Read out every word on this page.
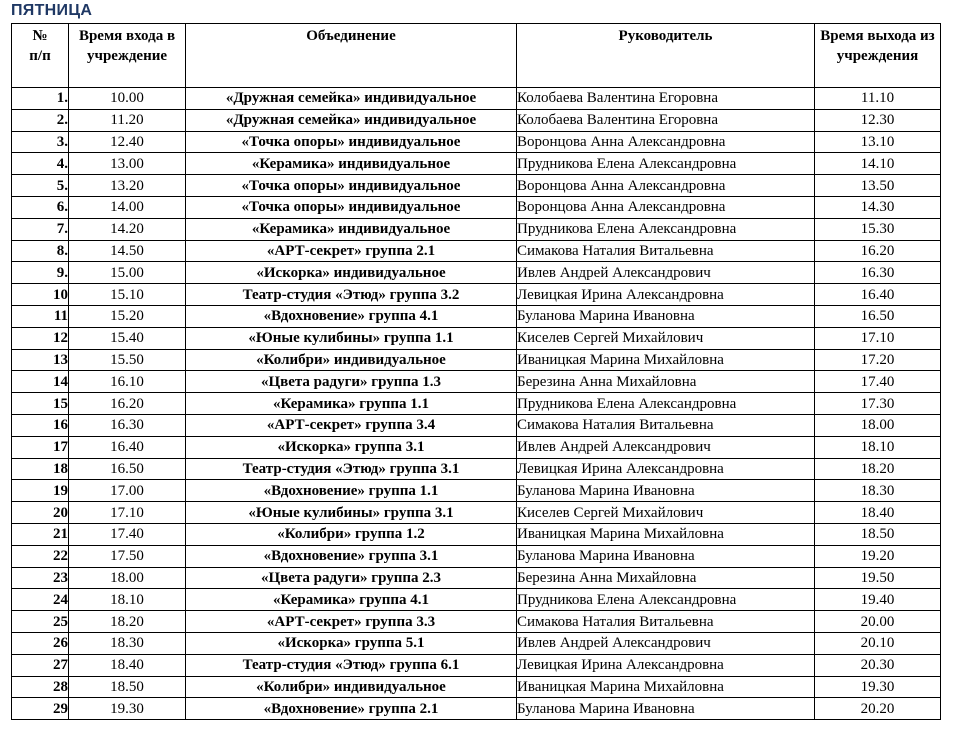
ПЯТНИЦА
№ п/п	Время входа в учреждение	Объединение	Руководитель	Время выхода из учреждения
1.	10.00	«Дружная семейка» индивидуальное	Колобаева Валентина Егоровна	11.10
2.	11.20	«Дружная семейка» индивидуальное	Колобаева Валентина Егоровна	12.30
3.	12.40	«Точка опоры» индивидуальное	Воронцова Анна Александровна	13.10
4.	13.00	«Керамика» индивидуальное	Прудникова Елена Александровна	14.10
5.	13.20	«Точка опоры» индивидуальное	Воронцова Анна Александровна	13.50
6.	14.00	«Точка опоры» индивидуальное	Воронцова Анна Александровна	14.30
7.	14.20	«Керамика» индивидуальное	Прудникова Елена Александровна	15.30
8.	14.50	«АРТ-секрет» группа 2.1	Симакова Наталия Витальевна	16.20
9.	15.00	«Искорка» индивидуальное	Ивлев Андрей Александрович	16.30
10	15.10	Театр-студия «Этюд» группа 3.2	Левицкая Ирина Александровна	16.40
11	15.20	«Вдохновение» группа 4.1	Буланова Марина Ивановна	16.50
12	15.40	«Юные кулибины» группа 1.1	Киселев Сергей Михайлович	17.10
13	15.50	«Колибри» индивидуальное	Иваницкая Марина Михайловна	17.20
14	16.10	«Цвета радуги» группа 1.3	Березина Анна Михайловна	17.40
15	16.20	«Керамика» группа 1.1	Прудникова Елена Александровна	17.30
16	16.30	«АРТ-секрет» группа 3.4	Симакова Наталия Витальевна	18.00
17	16.40	«Искорка» группа 3.1	Ивлев Андрей Александрович	18.10
18	16.50	Театр-студия «Этюд» группа 3.1	Левицкая Ирина Александровна	18.20
19	17.00	«Вдохновение» группа 1.1	Буланова Марина Ивановна	18.30
20	17.10	«Юные кулибины» группа 3.1	Киселев Сергей Михайлович	18.40
21	17.40	«Колибри» группа 1.2	Иваницкая Марина Михайловна	18.50
22	17.50	«Вдохновение» группа 3.1	Буланова Марина Ивановна	19.20
23	18.00	«Цвета радуги» группа 2.3	Березина Анна Михайловна	19.50
24	18.10	«Керамика» группа 4.1	Прудникова Елена Александровна	19.40
25	18.20	«АРТ-секрет» группа 3.3	Симакова Наталия Витальевна	20.00
26	18.30	«Искорка» группа 5.1	Ивлев Андрей Александрович	20.10
27	18.40	Театр-студия «Этюд» группа 6.1	Левицкая Ирина Александровна	20.30
28	18.50	«Колибри» индивидуальное	Иваницкая Марина Михайловна	19.30
29	19.30	«Вдохновение» группа 2.1	Буланова Марина Ивановна	20.20
